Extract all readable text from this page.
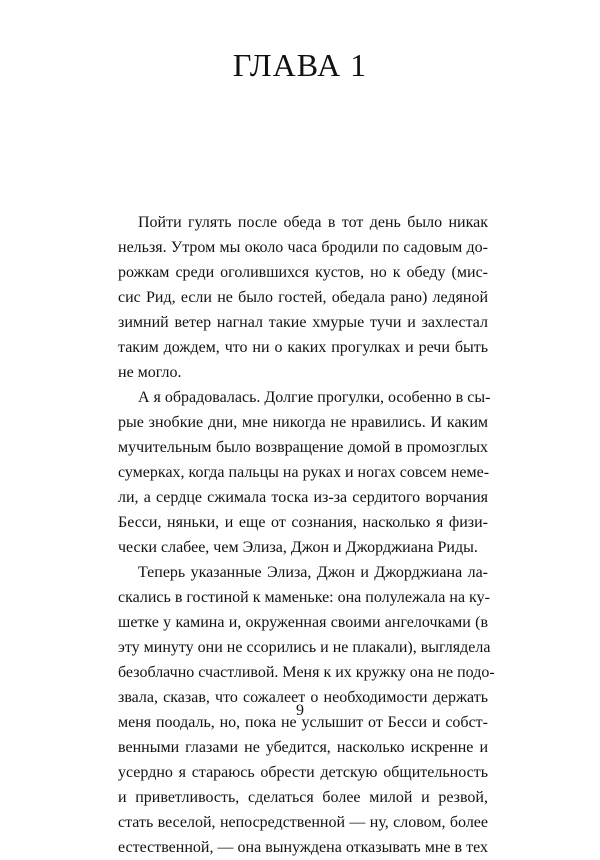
ГЛАВА 1
Пойти гулять после обеда в тот день было никак
нельзя. Утром мы около часа бродили по садовым до-
рожкам среди оголившихся кустов, но к обеду (мис-
сис Рид, если не было гостей, обедала рано) ледяной
зимний ветер нагнал такие хмурые тучи и захлестал
таким дождем, что ни о каких прогулках и речи быть
не могло.
А я обрадовалась. Долгие прогулки, особенно в сы-
рые знобкие дни, мне никогда не нравились. И каким
мучительным было возвращение домой в промозглых
сумерках, когда пальцы на руках и ногах совсем неме-
ли, а сердце сжимала тоска из-за сердитого ворчания
Бесси, няньки, и еще от сознания, насколько я физи-
чески слабее, чем Элиза, Джон и Джорджиана Риды.
Теперь указанные Элиза, Джон и Джорджиана ла-
скались в гостиной к маменьке: она полулежала на ку-
шетке у камина и, окруженная своими ангелочками (в
эту минуту они не ссорились и не плакали), выглядела
безоблачно счастливой. Меня к их кружку она не подо-
звала, сказав, что сожалеет о необходимости держать
меня поодаль, но, пока не услышит от Бесси и собст-
венными глазами не убедится, насколько искренне и
усердно я стараюсь обрести детскую общительность
и приветливость, сделаться более милой и резвой,
стать веселой, непосредственной — ну, словом, более
естественной, — она вынуждена отказывать мне в тех
9
